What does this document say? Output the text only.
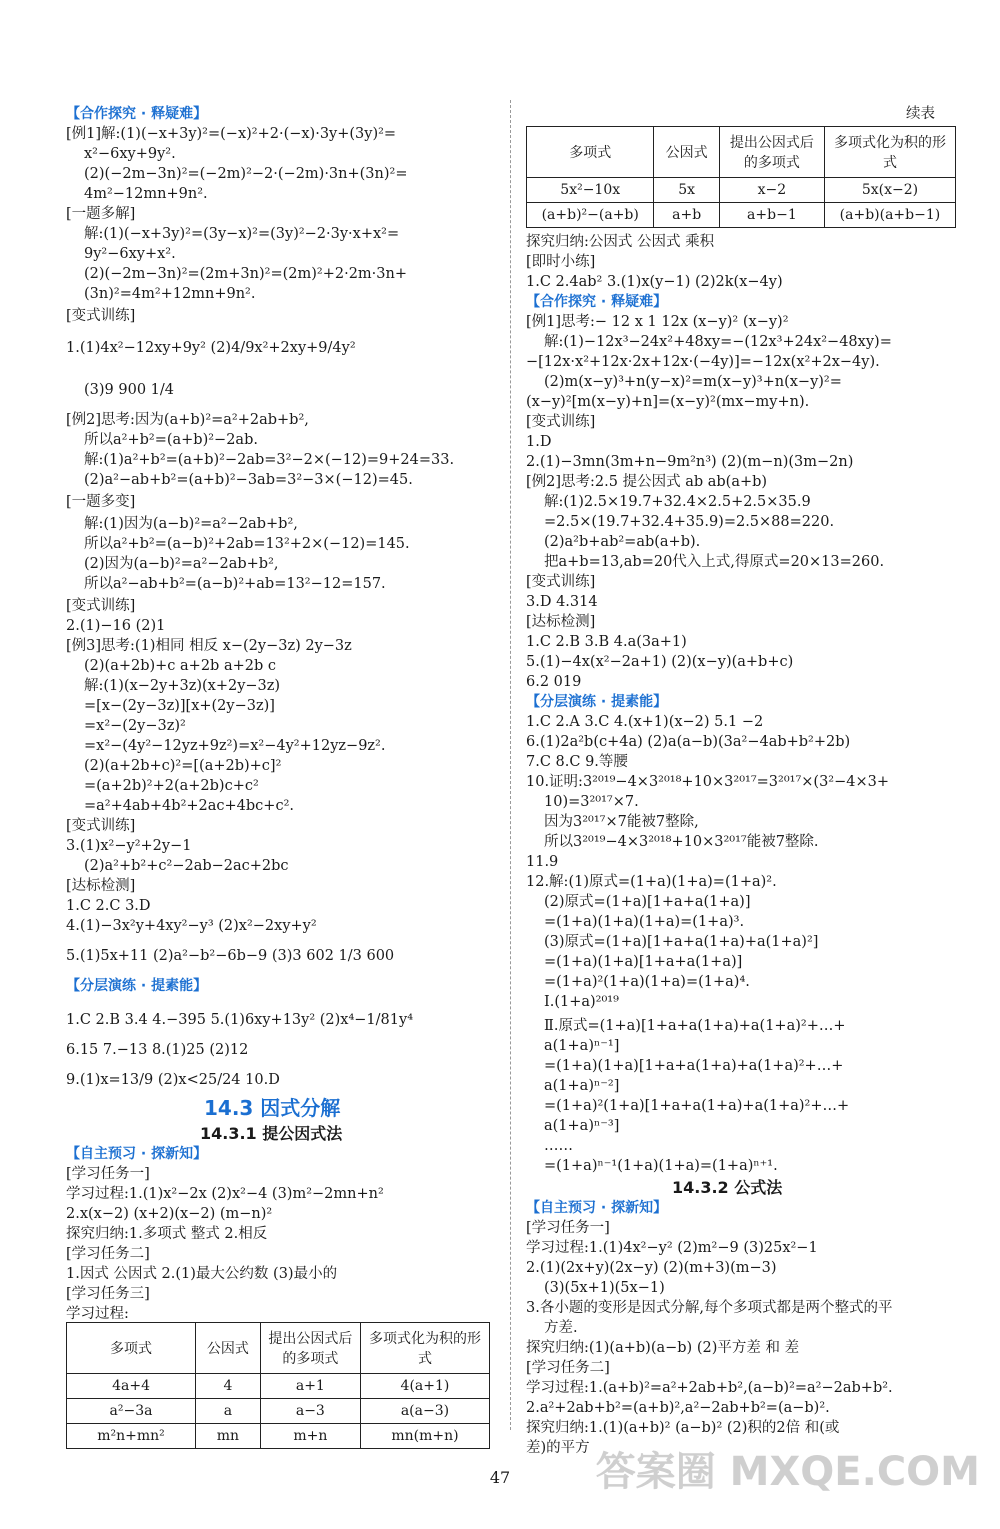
【合作探究 · 释疑难】
[例1]解:(1)(−x+3y)²=(−x)²+2·(−x)·3y+(3y)²=
x²−6xy+9y².
(2)(−2m−3n)²=(−2m)²−2·(−2m)·3n+(3n)²=
4m²−12mn+9n².
[一题多解]
解:(1)(−x+3y)²=(3y−x)²=(3y)²−2·3y·x+x²=
9y²−6xy+x².
(2)(−2m−3n)²=(2m+3n)²=(2m)²+2·2m·3n+
(3n)²=4m²+12mn+9n².
[变式训练]
1.(1)4x²−12xy+9y² (2)4/9x²+2xy+9/4y²
(3)9 900 1/4
[例2]思考:因为(a+b)²=a²+2ab+b²,
所以a²+b²=(a+b)²−2ab.
解:(1)a²+b²=(a+b)²−2ab=3²−2×(−12)=9+24=33.
(2)a²−ab+b²=(a+b)²−3ab=3²−3×(−12)=45.
[一题多变]
解:(1)因为(a−b)²=a²−2ab+b²,
所以a²+b²=(a−b)²+2ab=13²+2×(−12)=145.
(2)因为(a−b)²=a²−2ab+b²,
所以a²−ab+b²=(a−b)²+ab=13²−12=157.
[变式训练]
2.(1)−16 (2)1
[例3]思考:(1)相同 相反 x−(2y−3z) 2y−3z
(2)(a+2b)+c a+2b a+2b c
解:(1)(x−2y+3z)(x+2y−3z)
=[x−(2y−3z)][x+(2y−3z)]
=x²−(2y−3z)²
=x²−(4y²−12yz+9z²)=x²−4y²+12yz−9z².
(2)(a+2b+c)²=[(a+2b)+c]²
=(a+2b)²+2(a+2b)c+c²
=a²+4ab+4b²+2ac+4bc+c².
[变式训练]
3.(1)x²−y²+2y−1
(2)a²+b²+c²−2ab−2ac+2bc
[达标检测]
1.C 2.C 3.D
4.(1)−3x²y+4xy²−y³ (2)x²−2xy+y²
5.(1)5x+11 (2)a²−b²−6b−9 (3)3 602 1/3 600
【分层演练 · 提素能】
1.C 2.B 3.4 4.−395 5.(1)6xy+13y² (2)x⁴−1/81y⁴
6.15 7.−13 8.(1)25 (2)12
9.(1)x=13/9 (2)x<25/24 10.D
14.3 因式分解
14.3.1 提公因式法
【自主预习 · 探新知】
[学习任务一]
学习过程:1.(1)x²−2x (2)x²−4 (3)m²−2mn+n²
2.x(x−2) (x+2)(x−2) (m−n)²
探究归纳:1.多项式 整式 2.相反
[学习任务二]
1.因式 公因式 2.(1)最大公约数 (3)最小的
[学习任务三]
学习过程:
续表
探究归纳:公因式 公因式 乘积
[即时小练]
1.C 2.4ab² 3.(1)x(y−1) (2)2k(x−4y)
【合作探究 · 释疑难】
[例1]思考:− 12 x 1 12x (x−y)² (x−y)²
解:(1)−12x³−24x²+48xy=−(12x³+24x²−48xy)=
−[12x·x²+12x·2x+12x·(−4y)]=−12x(x²+2x−4y).
(2)m(x−y)³+n(y−x)²=m(x−y)³+n(x−y)²=
(x−y)²[m(x−y)+n]=(x−y)²(mx−my+n).
[变式训练]
1.D
2.(1)−3mn(3m+n−9m²n³) (2)(m−n)(3m−2n)
[例2]思考:2.5 提公因式 ab ab(a+b)
解:(1)2.5×19.7+32.4×2.5+2.5×35.9
=2.5×(19.7+32.4+35.9)=2.5×88=220.
(2)a²b+ab²=ab(a+b).
把a+b=13,ab=20代入上式,得原式=20×13=260.
[变式训练]
3.D 4.314
[达标检测]
1.C 2.B 3.B 4.a(3a+1)
5.(1)−4x(x²−2a+1) (2)(x−y)(a+b+c)
6.2 019
【分层演练 · 提素能】
1.C 2.A 3.C 4.(x+1)(x−2) 5.1 −2
6.(1)2a²b(c+4a) (2)a(a−b)(3a²−4ab+b²+2b)
7.C 8.C 9.等腰
10.证明:3²⁰¹⁹−4×3²⁰¹⁸+10×3²⁰¹⁷=3²⁰¹⁷×(3²−4×3+
10)=3²⁰¹⁷×7.
因为3²⁰¹⁷×7能被7整除,
所以3²⁰¹⁹−4×3²⁰¹⁸+10×3²⁰¹⁷能被7整除.
11.9
12.解:(1)原式=(1+a)(1+a)=(1+a)².
(2)原式=(1+a)[1+a+a(1+a)]
=(1+a)(1+a)(1+a)=(1+a)³.
(3)原式=(1+a)[1+a+a(1+a)+a(1+a)²]
=(1+a)(1+a)[1+a+a(1+a)]
=(1+a)²(1+a)(1+a)=(1+a)⁴.
Ⅰ.(1+a)²⁰¹⁹
Ⅱ.原式=(1+a)[1+a+a(1+a)+a(1+a)²+…+
a(1+a)ⁿ⁻¹]
=(1+a)(1+a)[1+a+a(1+a)+a(1+a)²+…+
a(1+a)ⁿ⁻²]
=(1+a)²(1+a)[1+a+a(1+a)+a(1+a)²+…+
a(1+a)ⁿ⁻³]
……
=(1+a)ⁿ⁻¹(1+a)(1+a)=(1+a)ⁿ⁺¹.
14.3.2 公式法
【自主预习 · 探新知】
[学习任务一]
学习过程:1.(1)4x²−y² (2)m²−9 (3)25x²−1
2.(1)(2x+y)(2x−y) (2)(m+3)(m−3)
(3)(5x+1)(5x−1)
3.各小题的变形是因式分解,每个多项式都是两个整式的平
方差.
探究归纳:(1)(a+b)(a−b) (2)平方差 和 差
[学习任务二]
学习过程:1.(a+b)²=a²+2ab+b²,(a−b)²=a²−2ab+b².
2.a²+2ab+b²=(a+b)²,a²−2ab+b²=(a−b)².
探究归纳:1.(1)(a+b)² (a−b)² (2)积的2倍 和(或
差)的平方
多项式	公因式	提出公因式后的多项式	多项式化为积的形式
4a+4	4	a+1	4(a+1)
a²−3a	a	a−3	a(a−3)
m²n+mn²	mn	m+n	mn(m+n)
多项式	公因式	提出公因式后的多项式	多项式化为积的形式
5x²−10x	5x	x−2	5x(x−2)
(a+b)²−(a+b)	a+b	a+b−1	(a+b)(a+b−1)
47	答案圈 MXQE.COM
